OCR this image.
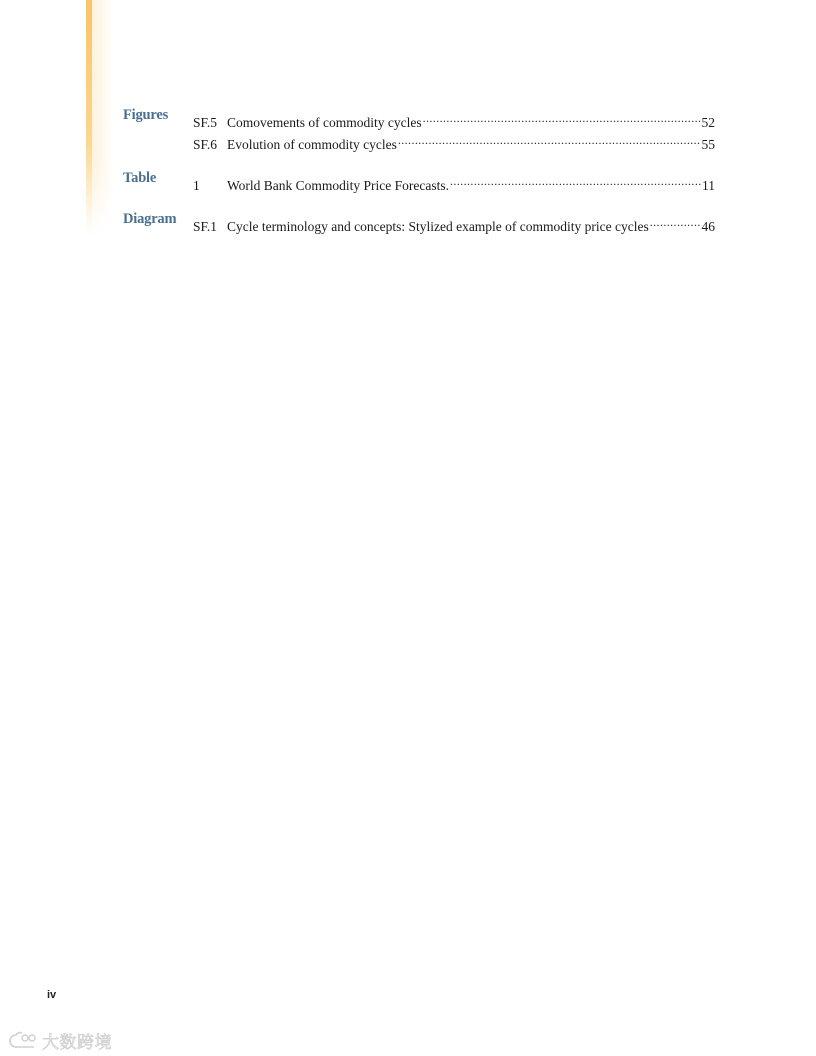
Figures SF.5 Comovements of commodity cycles .....	52
SF.6 Evolution of commodity cycles .....	55
Table	1	World Bank Commodity Price Forecasts. .....	11
Diagram SF.1 Cycle terminology and concepts: Stylized example of commodity price cycles .....	46
iv
大数跨境
